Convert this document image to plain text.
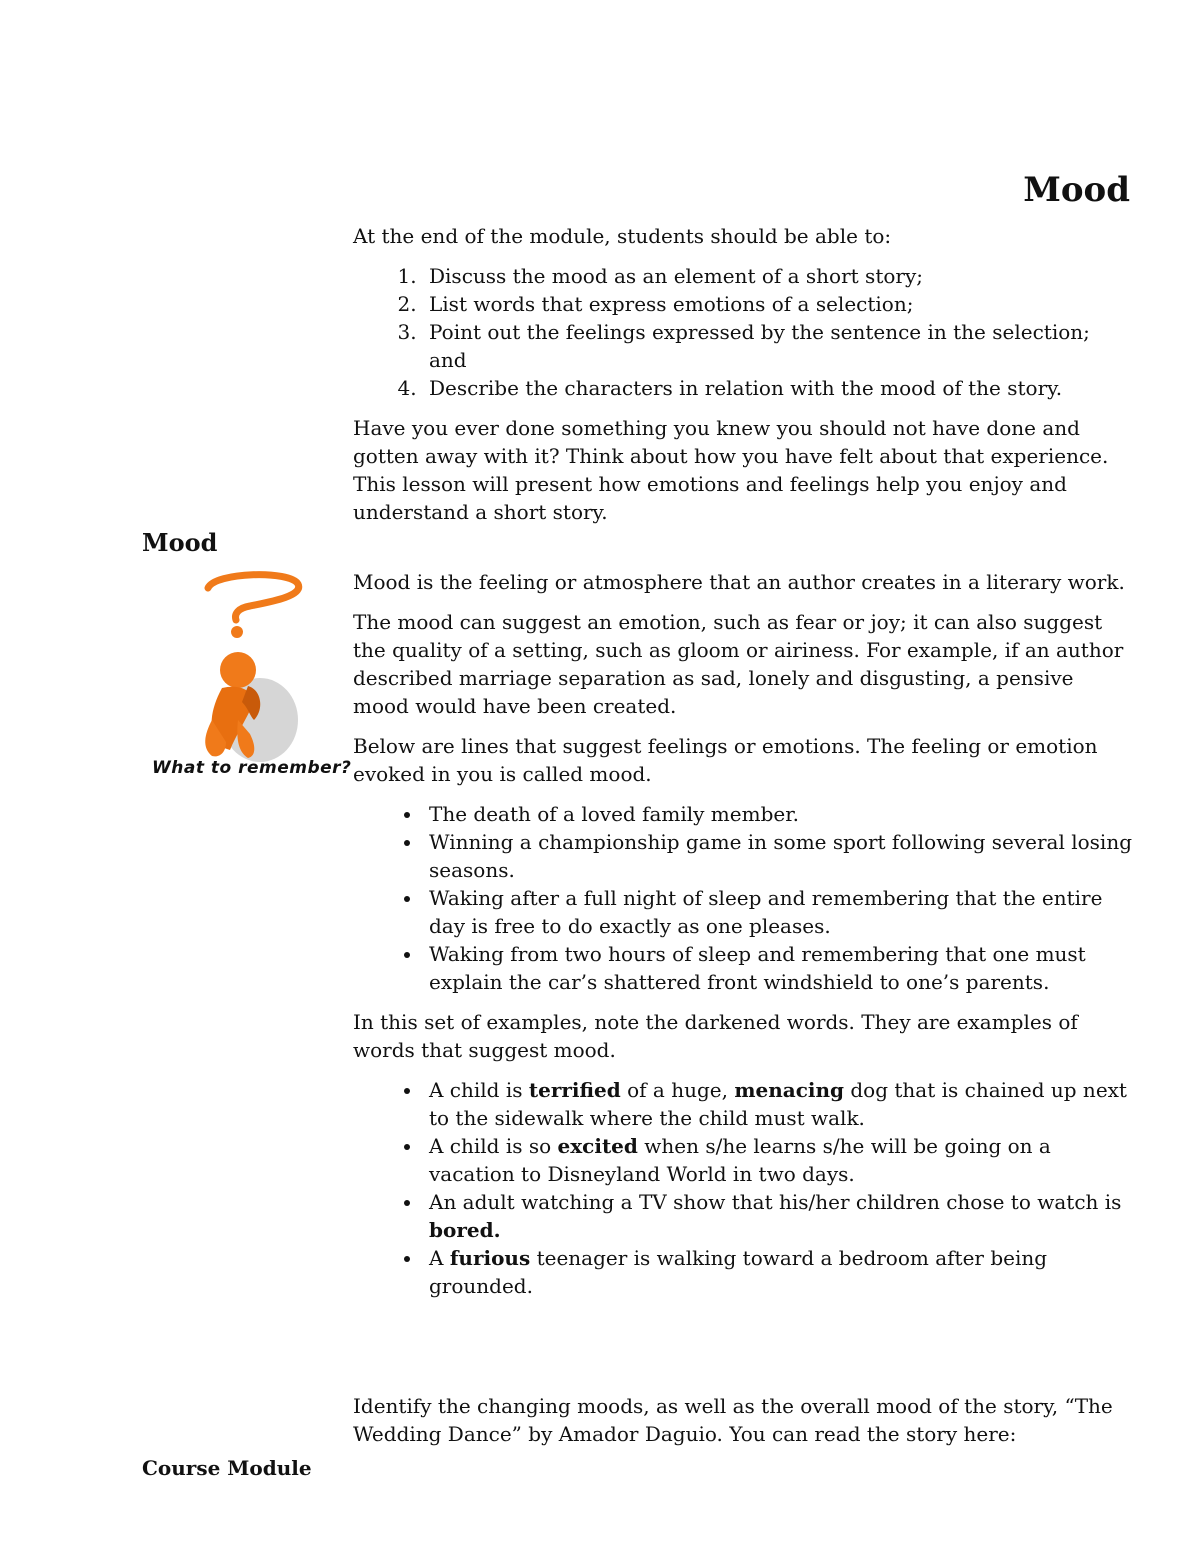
Mood

At the end of the module, students should be able to:

1. Discuss the mood as an element of a short story;
2. List words that express emotions of a selection;
3. Point out the feelings expressed by the sentence in the selection; and
4. Describe the characters in relation with the mood of the story.

Have you ever done something you knew you should not have done and gotten away with it? Think about how you have felt about that experience. This lesson will present how emotions and feelings help you enjoy and understand a short story.

Mood
What to remember?

Mood is the feeling or atmosphere that an author creates in a literary work.

The mood can suggest an emotion, such as fear or joy; it can also suggest the quality of a setting, such as gloom or airiness. For example, if an author described marriage separation as sad, lonely and disgusting, a pensive mood would have been created.

Below are lines that suggest feelings or emotions. The feeling or emotion evoked in you is called mood.

• The death of a loved family member.
• Winning a championship game in some sport following several losing seasons.
• Waking after a full night of sleep and remembering that the entire day is free to do exactly as one pleases.
• Waking from two hours of sleep and remembering that one must explain the car’s shattered front windshield to one’s parents.

In this set of examples, note the darkened words. They are examples of words that suggest mood.

• A child is terrified of a huge, menacing dog that is chained up next to the sidewalk where the child must walk.
• A child is so excited when s/he learns s/he will be going on a vacation to Disneyland World in two days.
• An adult watching a TV show that his/her children chose to watch is bored.
• A furious teenager is walking toward a bedroom after being grounded.

Identify the changing moods, as well as the overall mood of the story, “The Wedding Dance” by Amador Daguio. You can read the story here:

Course Module
